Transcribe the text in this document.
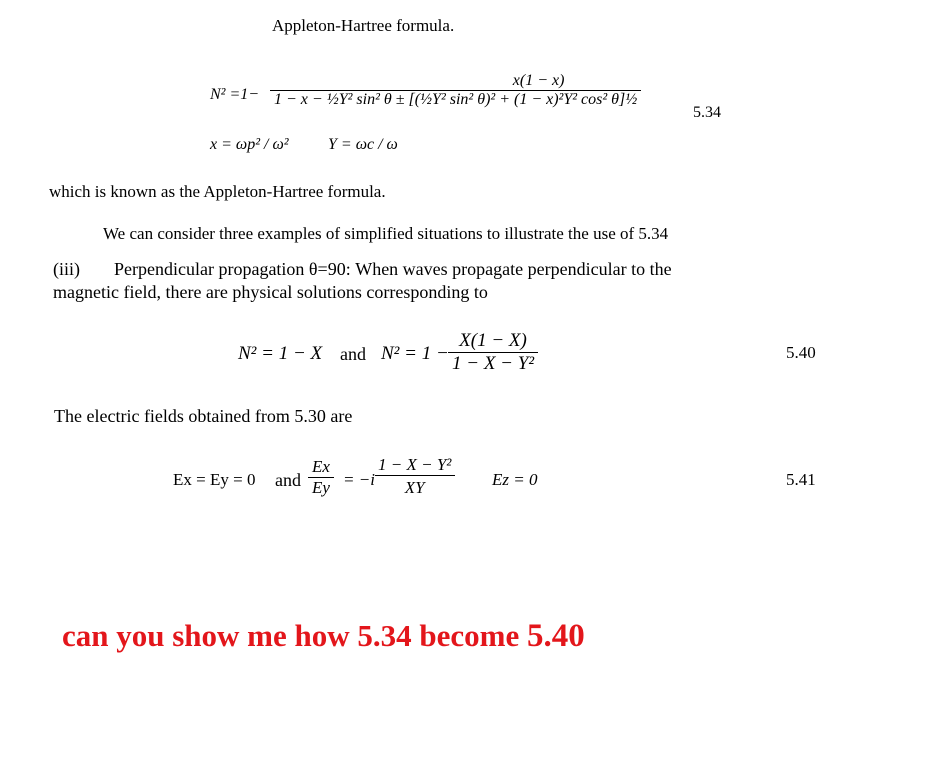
Appleton-Hartree formula.
$N^2 =1- \frac{x(1 - x)}{\text{1 − x − ½Y² sin² θ ± [(½Y² sin² θ)² + (1 − x)²Y² cos² θ]½}}$
5.34
x = ωp² / ω² Y = ωc / ω
which is known as the Appleton-Hartree formula.
We can consider three examples of simplified situations to illustrate the use of 5.34
(iii) Perpendicular propagation θ=90: When waves propagate perpendicular to the
magnetic field, there are physical solutions corresponding to
N² = 1 − X and $N^2 = 1 - \frac{X(1 - X)}{\text{1 − X − Y²}}$	5.40
The electric fields obtained from 5.30 are
Ex = Ey = 0 and $\frac{Ex}{Ey} = -i \frac{\text{1 − X − Y²}}{XY}$ Ez = 0	5.41
can you show me how 5.34 become 5.40
